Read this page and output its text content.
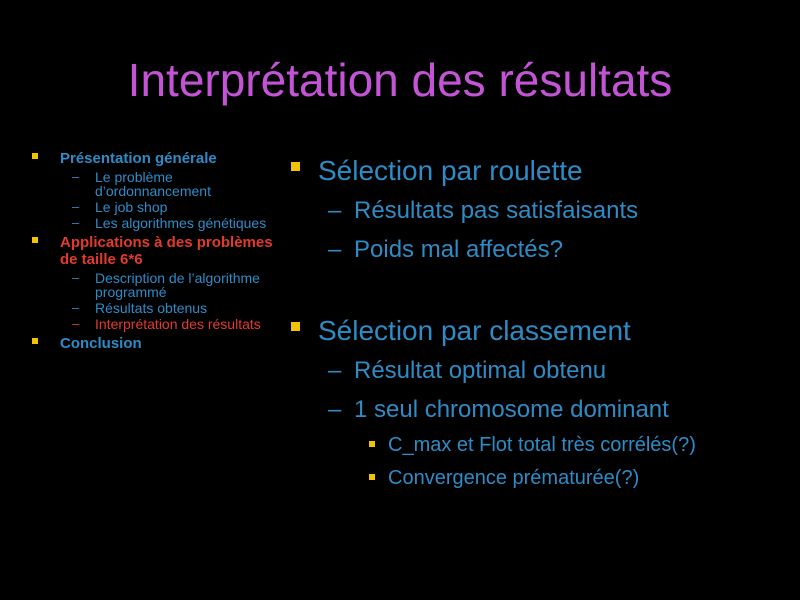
Interprétation des résultats
Présentation générale
– Le problème d’ordonnancement
– Le job shop
– Les algorithmes génétiques
Applications à des problèmes de taille 6*6
– Description de l’algorithme programmé
– Résultats obtenus
– Interprétation des résultats
Conclusion
Sélection par roulette
– Résultats pas satisfaisants
– Poids mal affectés?
Sélection par classement
– Résultat optimal obtenu
– 1 seul chromosome dominant
C_max et Flot total très corrélés(?)
Convergence prématurée(?)
